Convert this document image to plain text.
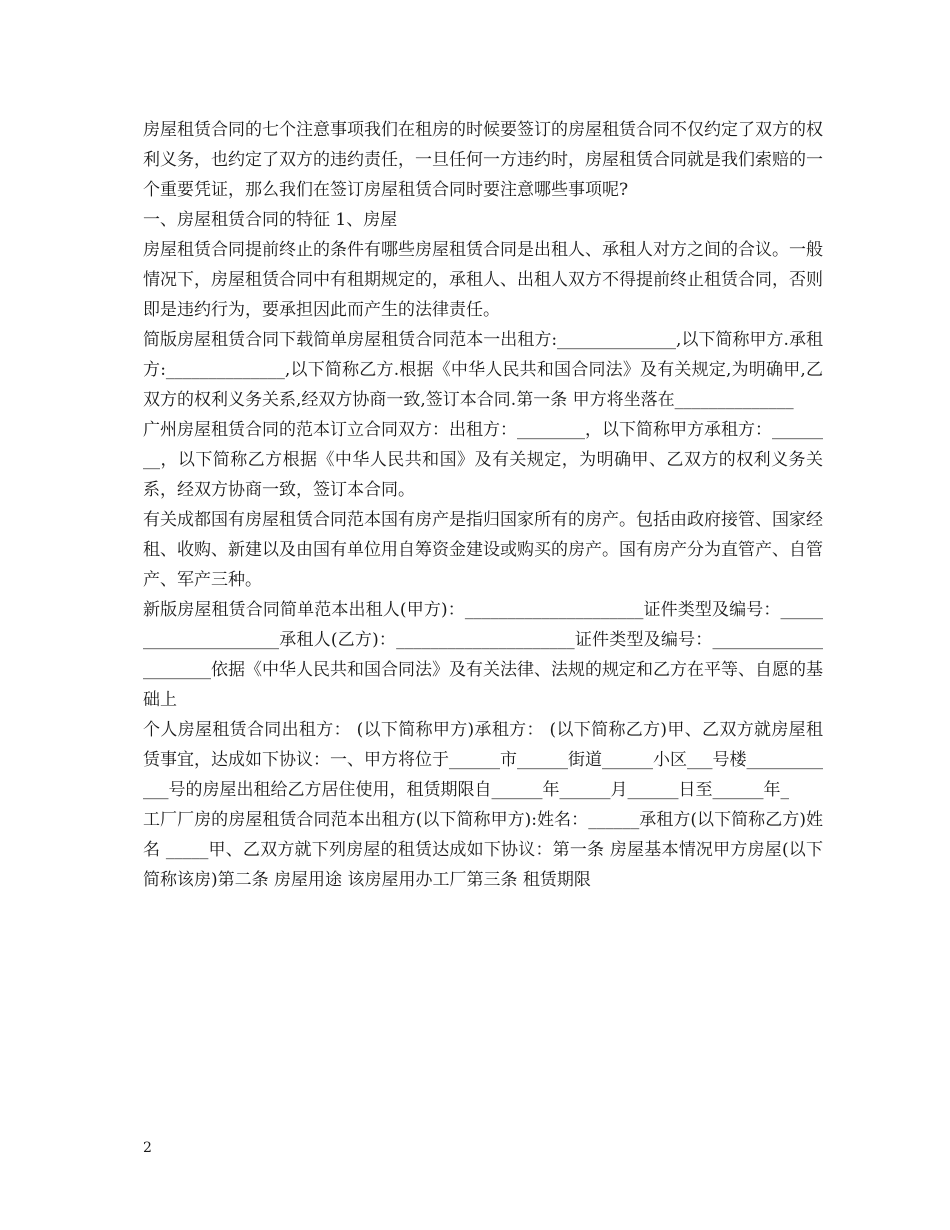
房屋租赁合同的七个注意事项我们在租房的时候要签订的房屋租赁合同不仅约定了双方的权利义务，也约定了双方的违约责任，一旦任何一方违约时，房屋租赁合同就是我们索赔的一个重要凭证，那么我们在签订房屋租赁合同时要注意哪些事项呢?

一、房屋租赁合同的特征 1、房屋

房屋租赁合同提前终止的条件有哪些房屋租赁合同是出租人、承租人对方之间的合议。一般情况下，房屋租赁合同中有租期规定的，承租人、出租人双方不得提前终止租赁合同，否则即是违约行为，要承担因此而产生的法律责任。

简版房屋租赁合同下载简单房屋租赁合同范本一出租方:______________,以下简称甲方.承租方:______________,以下简称乙方.根据《中华人民共和国合同法》及有关规定,为明确甲,乙双方的权利义务关系,经双方协商一致,签订本合同.第一条 甲方将坐落在______________

广州房屋租赁合同的范本订立合同双方：出租方：________，以下简称甲方承租方：________，以下简称乙方根据《中华人民共和国》及有关规定，为明确甲、乙双方的权利义务关系，经双方协商一致，签订本合同。

有关成都国有房屋租赁合同范本国有房产是指归国家所有的房产。包括由政府接管、国家经租、收购、新建以及由国有单位用自筹资金建设或购买的房产。国有房产分为直管产、自管产、军产三种。

新版房屋租赁合同简单范本出租人(甲方)：_____________________证件类型及编号：_____________________承租人(乙方)：_____________________证件类型及编号：_____________________依据《中华人民共和国合同法》及有关法律、法规的规定和乙方在平等、自愿的基础上

个人房屋租赁合同出租方： (以下简称甲方)承租方： (以下简称乙方)甲、乙双方就房屋租赁事宜，达成如下协议：一、甲方将位于______市______街道______小区___号楼____________号的房屋出租给乙方居住使用，租赁期限自______年______月______日至______年_

工厂厂房的房屋租赁合同范本出租方(以下简称甲方):姓名：______承租方(以下简称乙方)姓名 _____甲、乙双方就下列房屋的租赁达成如下协议：第一条 房屋基本情况甲方房屋(以下简称该房)第二条 房屋用途 该房屋用办工厂第三条 租赁期限

2
